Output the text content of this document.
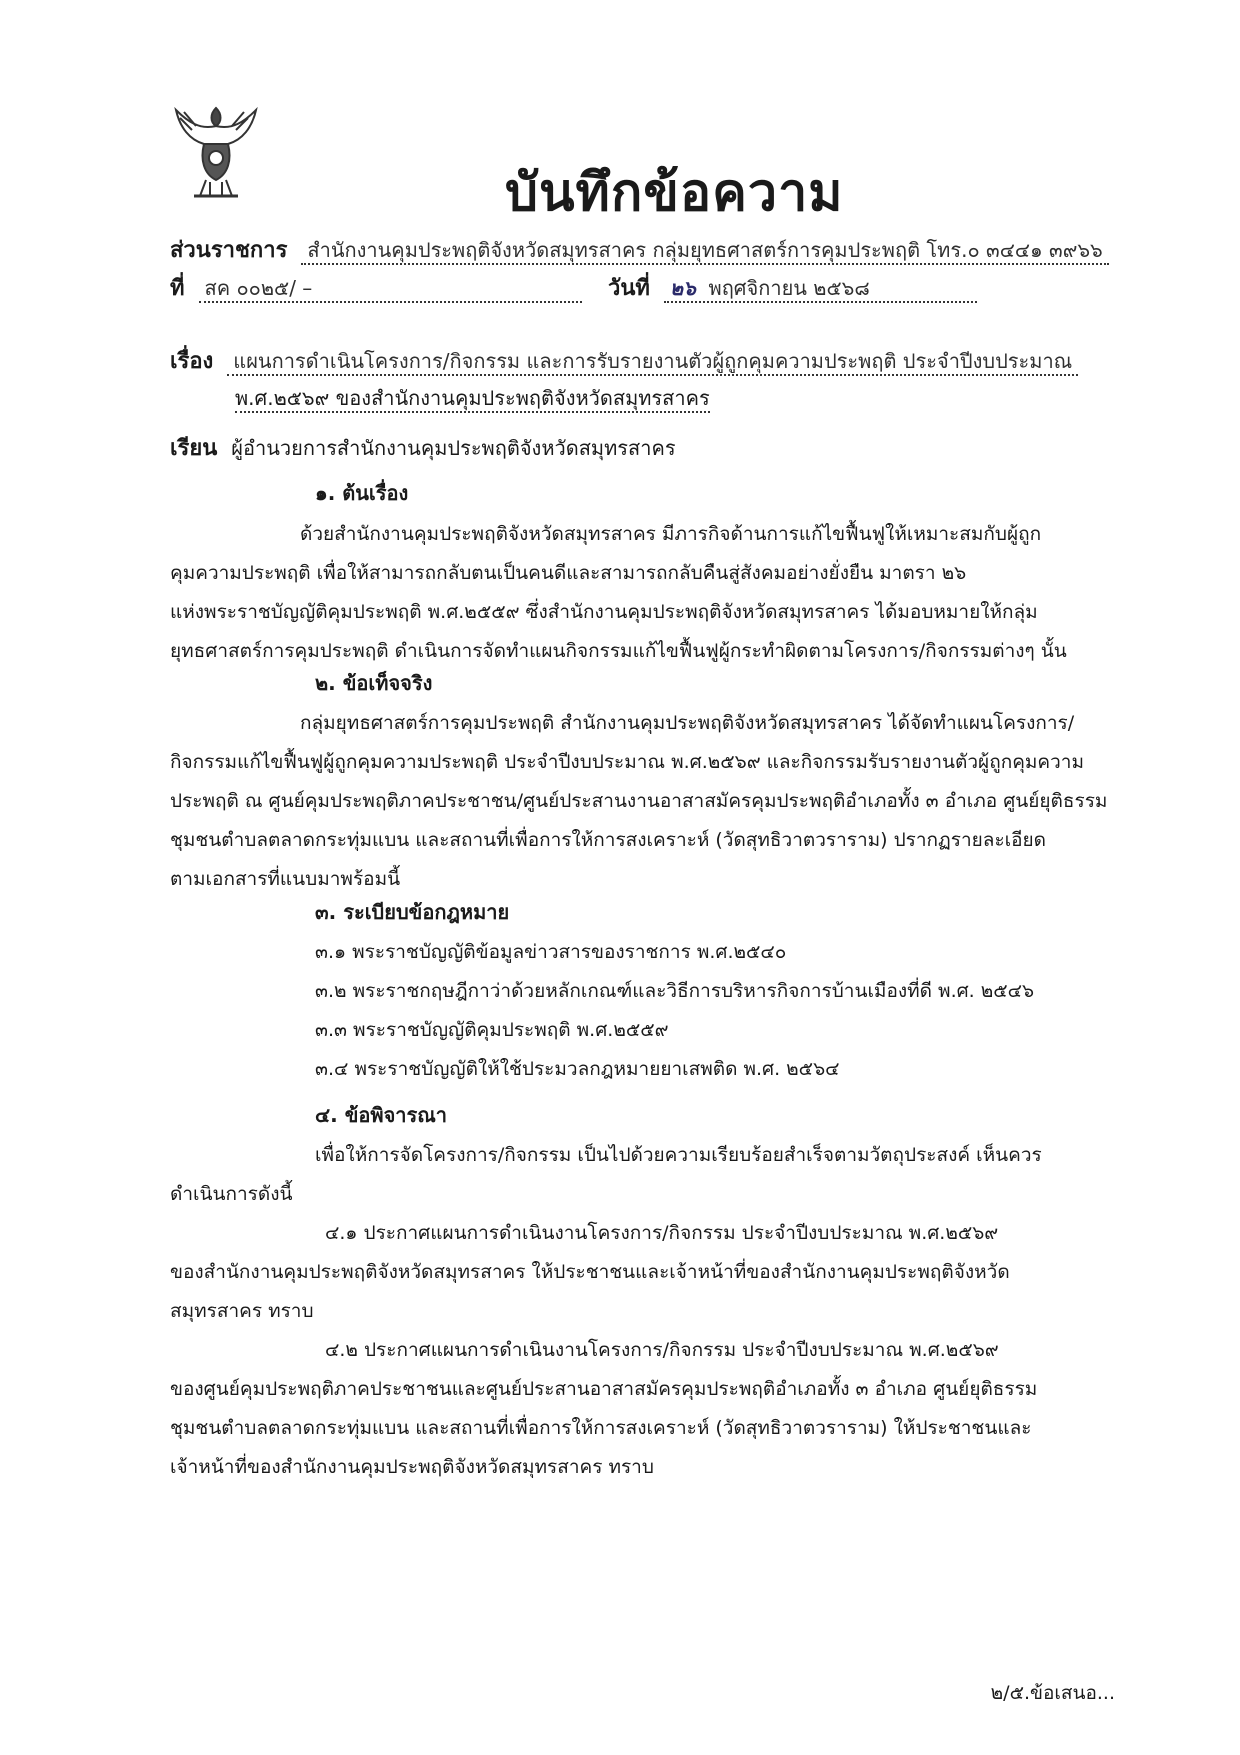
บันทึกข้อความ
ส่วนราชการ สำนักงานคุมประพฤติจังหวัดสมุทรสาคร กลุ่มยุทธศาสตร์การคุมประพฤติ โทร.๐ ๓๔๔๑ ๓๙๖๖
ที่ สค ๐๐๒๕/ –	วันที่ ๒๖ พฤศจิกายน ๒๕๖๘
เรื่อง แผนการดำเนินโครงการ/กิจกรรม และการรับรายงานตัวผู้ถูกคุมความประพฤติ ประจำปีงบประมาณ
พ.ศ.๒๕๖๙ ของสำนักงานคุมประพฤติจังหวัดสมุทรสาคร
เรียน ผู้อำนวยการสำนักงานคุมประพฤติจังหวัดสมุทรสาคร
๑. ต้นเรื่อง
ด้วยสำนักงานคุมประพฤติจังหวัดสมุทรสาคร มีภารกิจด้านการแก้ไขฟื้นฟูให้เหมาะสมกับผู้ถูก
คุมความประพฤติ เพื่อให้สามารถกลับตนเป็นคนดีและสามารถกลับคืนสู่สังคมอย่างยั่งยืน มาตรา ๒๖
แห่งพระราชบัญญัติคุมประพฤติ พ.ศ.๒๕๕๙ ซึ่งสำนักงานคุมประพฤติจังหวัดสมุทรสาคร ได้มอบหมายให้กลุ่ม
ยุทธศาสตร์การคุมประพฤติ ดำเนินการจัดทำแผนกิจกรรมแก้ไขฟื้นฟูผู้กระทำผิดตามโครงการ/กิจกรรมต่างๆ นั้น
๒. ข้อเท็จจริง
กลุ่มยุทธศาสตร์การคุมประพฤติ สำนักงานคุมประพฤติจังหวัดสมุทรสาคร ได้จัดทำแผนโครงการ/
กิจกรรมแก้ไขฟื้นฟูผู้ถูกคุมความประพฤติ ประจำปีงบประมาณ พ.ศ.๒๕๖๙ และกิจกรรมรับรายงานตัวผู้ถูกคุมความ
ประพฤติ ณ ศูนย์คุมประพฤติภาคประชาชน/ศูนย์ประสานงานอาสาสมัครคุมประพฤติอำเภอทั้ง ๓ อำเภอ ศูนย์ยุติธรรม
ชุมชนตำบลตลาดกระทุ่มแบน และสถานที่เพื่อการให้การสงเคราะห์ (วัดสุทธิวาตวราราม) ปรากฏรายละเอียด
ตามเอกสารที่แนบมาพร้อมนี้
๓. ระเบียบข้อกฎหมาย
๓.๑ พระราชบัญญัติข้อมูลข่าวสารของราชการ พ.ศ.๒๕๔๐
๓.๒ พระราชกฤษฎีกาว่าด้วยหลักเกณฑ์และวิธีการบริหารกิจการบ้านเมืองที่ดี พ.ศ. ๒๕๔๖
๓.๓ พระราชบัญญัติคุมประพฤติ พ.ศ.๒๕๕๙
๓.๔ พระราชบัญญัติให้ใช้ประมวลกฎหมายยาเสพติด พ.ศ. ๒๕๖๔
๔. ข้อพิจารณา
เพื่อให้การจัดโครงการ/กิจกรรม เป็นไปด้วยความเรียบร้อยสำเร็จตามวัตถุประสงค์ เห็นควร
ดำเนินการดังนี้
๔.๑ ประกาศแผนการดำเนินงานโครงการ/กิจกรรม ประจำปีงบประมาณ พ.ศ.๒๕๖๙
ของสำนักงานคุมประพฤติจังหวัดสมุทรสาคร ให้ประชาชนและเจ้าหน้าที่ของสำนักงานคุมประพฤติจังหวัด
สมุทรสาคร ทราบ
๔.๒ ประกาศแผนการดำเนินงานโครงการ/กิจกรรม ประจำปีงบประมาณ พ.ศ.๒๕๖๙
ของศูนย์คุมประพฤติภาคประชาชนและศูนย์ประสานอาสาสมัครคุมประพฤติอำเภอทั้ง ๓ อำเภอ ศูนย์ยุติธรรม
ชุมชนตำบลตลาดกระทุ่มแบน และสถานที่เพื่อการให้การสงเคราะห์ (วัดสุทธิวาตวราราม) ให้ประชาชนและ
เจ้าหน้าที่ของสำนักงานคุมประพฤติจังหวัดสมุทรสาคร ทราบ
๒/๕.ข้อเสนอ...
